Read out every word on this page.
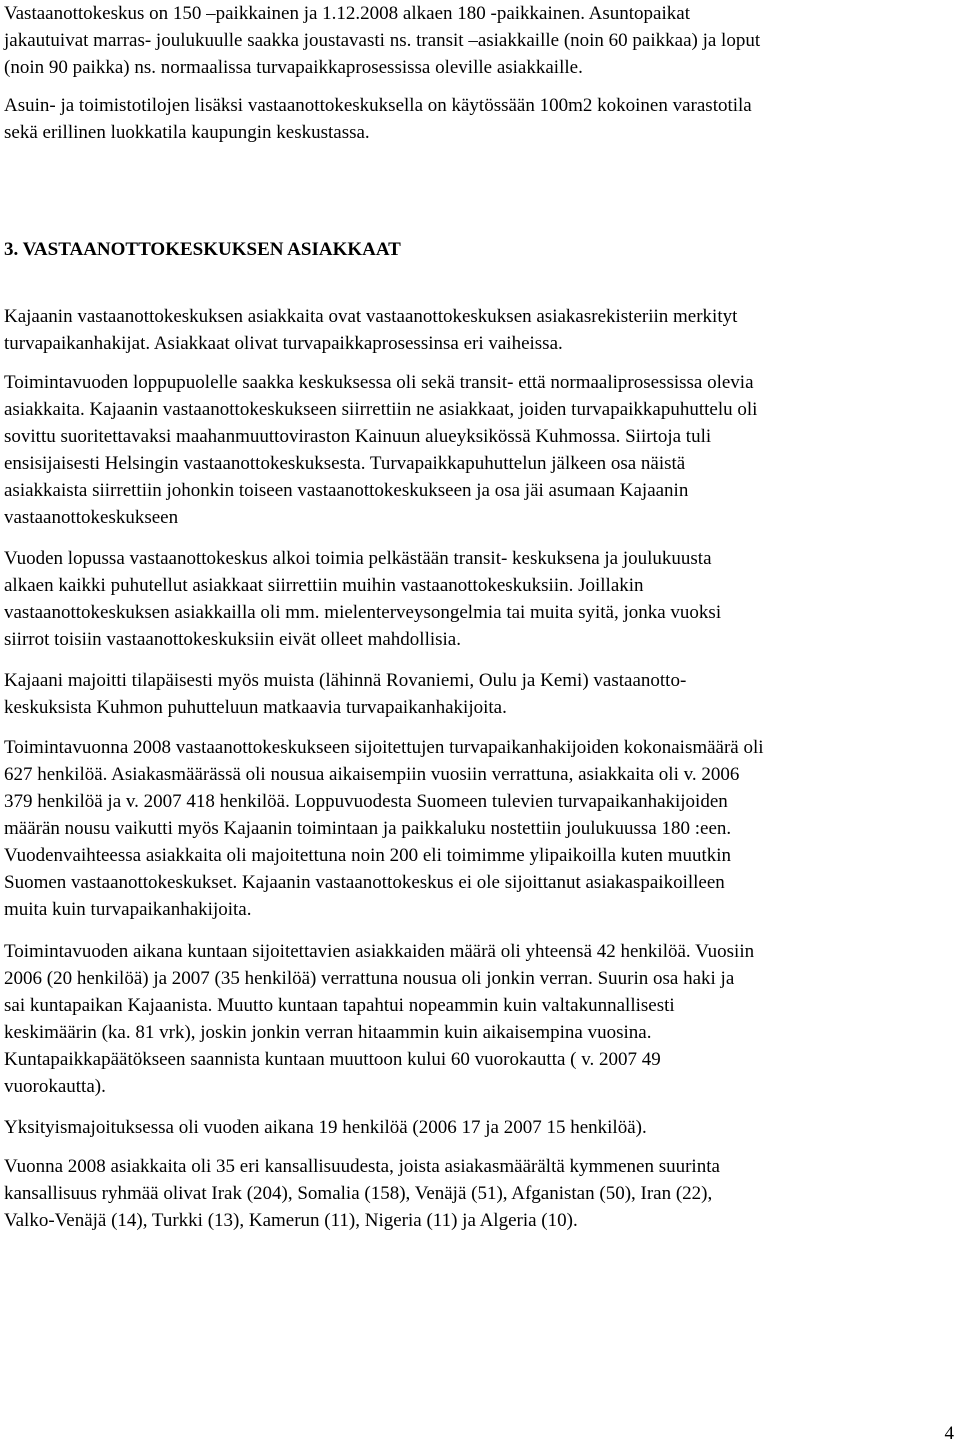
Vastaanottokeskus on 150 –paikkainen ja 1.12.2008 alkaen 180 -paikkainen. Asuntopaikat
jakautuivat marras- joulukuulle saakka joustavasti ns. transit –asiakkaille (noin 60 paikkaa) ja loput
(noin 90 paikka) ns. normaalissa turvapaikkaprosessissa oleville asiakkaille.
Asuin- ja toimistotilojen lisäksi vastaanottokeskuksella on käytössään 100m2 kokoinen varastotila
sekä erillinen luokkatila kaupungin keskustassa.
3. VASTAANOTTOKESKUKSEN ASIAKKAAT
Kajaanin vastaanottokeskuksen asiakkaita ovat vastaanottokeskuksen asiakasrekisteriin merkityt
turvapaikanhakijat. Asiakkaat olivat turvapaikkaprosessinsa eri vaiheissa.
Toimintavuoden loppupuolelle saakka keskuksessa oli sekä transit- että normaaliprosessissa olevia
asiakkaita. Kajaanin vastaanottokeskukseen siirrettiin ne asiakkaat, joiden turvapaikkapuhuttelu oli
sovittu suoritettavaksi maahanmuuttoviraston Kainuun alueyksikössä Kuhmossa. Siirtoja tuli
ensisijaisesti Helsingin vastaanottokeskuksesta. Turvapaikkapuhuttelun jälkeen osa näistä
asiakkaista siirrettiin johonkin toiseen vastaanottokeskukseen ja osa jäi asumaan Kajaanin
vastaanottokeskukseen
Vuoden lopussa vastaanottokeskus alkoi toimia pelkästään transit- keskuksena ja joulukuusta
alkaen kaikki puhutellut asiakkaat siirrettiin muihin vastaanottokeskuksiin. Joillakin
vastaanottokeskuksen asiakkailla oli mm. mielenterveysongelmia tai muita syitä, jonka vuoksi
siirrot toisiin vastaanottokeskuksiin eivät olleet mahdollisia.
Kajaani majoitti tilapäisesti myös muista (lähinnä Rovaniemi, Oulu ja Kemi) vastaanotto-
keskuksista Kuhmon puhutteluun matkaavia turvapaikanhakijoita.
Toimintavuonna 2008 vastaanottokeskukseen sijoitettujen turvapaikanhakijoiden kokonaismäärä oli
627 henkilöä. Asiakasmäärässä oli nousua aikaisempiin vuosiin verrattuna, asiakkaita oli v. 2006
379 henkilöä ja v. 2007 418 henkilöä. Loppuvuodesta Suomeen tulevien turvapaikanhakijoiden
määrän nousu vaikutti myös Kajaanin toimintaan ja paikkaluku nostettiin joulukuussa 180 :een.
Vuodenvaihteessa asiakkaita oli majoitettuna noin 200 eli toimimme ylipaikoilla kuten muutkin
Suomen vastaanottokeskukset. Kajaanin vastaanottokeskus ei ole sijoittanut asiakaspaikoilleen
muita kuin turvapaikanhakijoita.
Toimintavuoden aikana kuntaan sijoitettavien asiakkaiden määrä oli yhteensä 42 henkilöä. Vuosiin
2006 (20 henkilöä) ja 2007 (35 henkilöä) verrattuna nousua oli jonkin verran. Suurin osa haki ja
sai kuntapaikan Kajaanista. Muutto kuntaan tapahtui nopeammin kuin valtakunnallisesti
keskimäärin (ka. 81 vrk), joskin jonkin verran hitaammin kuin aikaisempina vuosina.
Kuntapaikkapäätökseen saannista kuntaan muuttoon kului 60 vuorokautta ( v. 2007 49
vuorokautta).
Yksityismajoituksessa oli vuoden aikana 19 henkilöä (2006 17 ja 2007 15 henkilöä).
Vuonna 2008 asiakkaita oli 35 eri kansallisuudesta, joista asiakasmäärältä kymmenen suurinta
kansallisuus ryhmää olivat Irak (204), Somalia (158), Venäjä (51), Afganistan (50), Iran (22),
Valko-Venäjä (14), Turkki (13), Kamerun (11), Nigeria (11) ja Algeria (10).
4
